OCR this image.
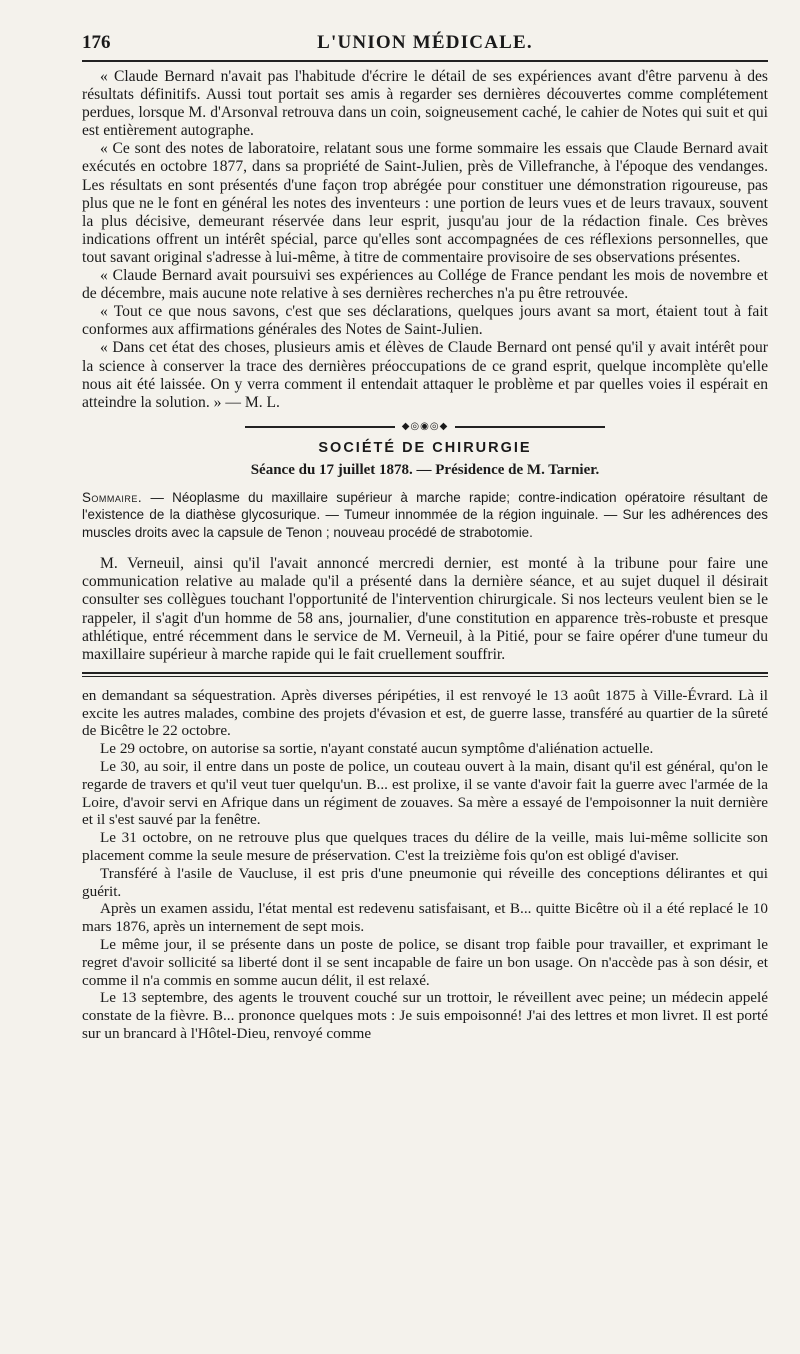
176	L'UNION MÉDICALE.

« Claude Bernard n'avait pas l'habitude d'écrire le détail de ses expériences avant d'être parvenu à des résultats définitifs. Aussi tout portait ses amis à regarder ses dernières découvertes comme complétement perdues, lorsque M. d'Arsonval retrouva dans un coin, soigneusement caché, le cahier de Notes qui suit et qui est entièrement autographe.

« Ce sont des notes de laboratoire, relatant sous une forme sommaire les essais que Claude Bernard avait exécutés en octobre 1877, dans sa propriété de Saint-Julien, près de Villefranche, à l'époque des vendanges. Les résultats en sont présentés d'une façon trop abrégée pour constituer une démonstration rigoureuse, pas plus que ne le font en général les notes des inventeurs : une portion de leurs vues et de leurs travaux, souvent la plus décisive, demeurant réservée dans leur esprit, jusqu'au jour de la rédaction finale. Ces brèves indications offrent un intérêt spécial, parce qu'elles sont accompagnées de ces réflexions personnelles, que tout savant original s'adresse à lui-même, à titre de commentaire provisoire de ses observations présentes.

« Claude Bernard avait poursuivi ses expériences au Collége de France pendant les mois de novembre et de décembre, mais aucune note relative à ses dernières recherches n'a pu être retrouvée.

« Tout ce que nous savons, c'est que ses déclarations, quelques jours avant sa mort, étaient tout à fait conformes aux affirmations générales des Notes de Saint-Julien.

« Dans cet état des choses, plusieurs amis et élèves de Claude Bernard ont pensé qu'il y avait intérêt pour la science à conserver la trace des dernières préoccupations de ce grand esprit, quelque incomplète qu'elle nous ait été laissée. On y verra comment il entendait attaquer le problème et par quelles voies il espérait en atteindre la solution. » — M. L.

◆◎◉◎◆
SOCIÉTÉ DE CHIRURGIE
Séance du 17 juillet 1878. — Présidence de M. Tarnier.
Sommaire. — Néoplasme du maxillaire supérieur à marche rapide; contre-indication opératoire résultant de l'existence de la diathèse glycosurique. — Tumeur innommée de la région inguinale. — Sur les adhérences des muscles droits avec la capsule de Tenon ; nouveau procédé de strabotomie.

M. Verneuil, ainsi qu'il l'avait annoncé mercredi dernier, est monté à la tribune pour faire une communication relative au malade qu'il a présenté dans la dernière séance, et au sujet duquel il désirait consulter ses collègues touchant l'opportunité de l'intervention chirurgicale. Si nos lecteurs veulent bien se le rappeler, il s'agit d'un homme de 58 ans, journalier, d'une constitution en apparence très-robuste et presque athlétique, entré récemment dans le service de M. Verneuil, à la Pitié, pour se faire opérer d'une tumeur du maxillaire supérieur à marche rapide qui le fait cruellement souffrir.

en demandant sa séquestration. Après diverses péripéties, il est renvoyé le 13 août 1875 à Ville-Évrard. Là il excite les autres malades, combine des projets d'évasion et est, de guerre lasse, transféré au quartier de la sûreté de Bicêtre le 22 octobre.

Le 29 octobre, on autorise sa sortie, n'ayant constaté aucun symptôme d'aliénation actuelle.

Le 30, au soir, il entre dans un poste de police, un couteau ouvert à la main, disant qu'il est général, qu'on le regarde de travers et qu'il veut tuer quelqu'un. B... est prolixe, il se vante d'avoir fait la guerre avec l'armée de la Loire, d'avoir servi en Afrique dans un régiment de zouaves. Sa mère a essayé de l'empoisonner la nuit dernière et il s'est sauvé par la fenêtre.

Le 31 octobre, on ne retrouve plus que quelques traces du délire de la veille, mais lui-même sollicite son placement comme la seule mesure de préservation. C'est la treizième fois qu'on est obligé d'aviser.

Transféré à l'asile de Vaucluse, il est pris d'une pneumonie qui réveille des conceptions délirantes et qui guérit.

Après un examen assidu, l'état mental est redevenu satisfaisant, et B... quitte Bicêtre où il a été replacé le 10 mars 1876, après un internement de sept mois.

Le même jour, il se présente dans un poste de police, se disant trop faible pour travailler, et exprimant le regret d'avoir sollicité sa liberté dont il se sent incapable de faire un bon usage. On n'accède pas à son désir, et comme il n'a commis en somme aucun délit, il est relaxé.

Le 13 septembre, des agents le trouvent couché sur un trottoir, le réveillent avec peine; un médecin appelé constate de la fièvre. B... prononce quelques mots : Je suis empoisonné! J'ai des lettres et mon livret. Il est porté sur un brancard à l'Hôtel-Dieu, renvoyé comme
